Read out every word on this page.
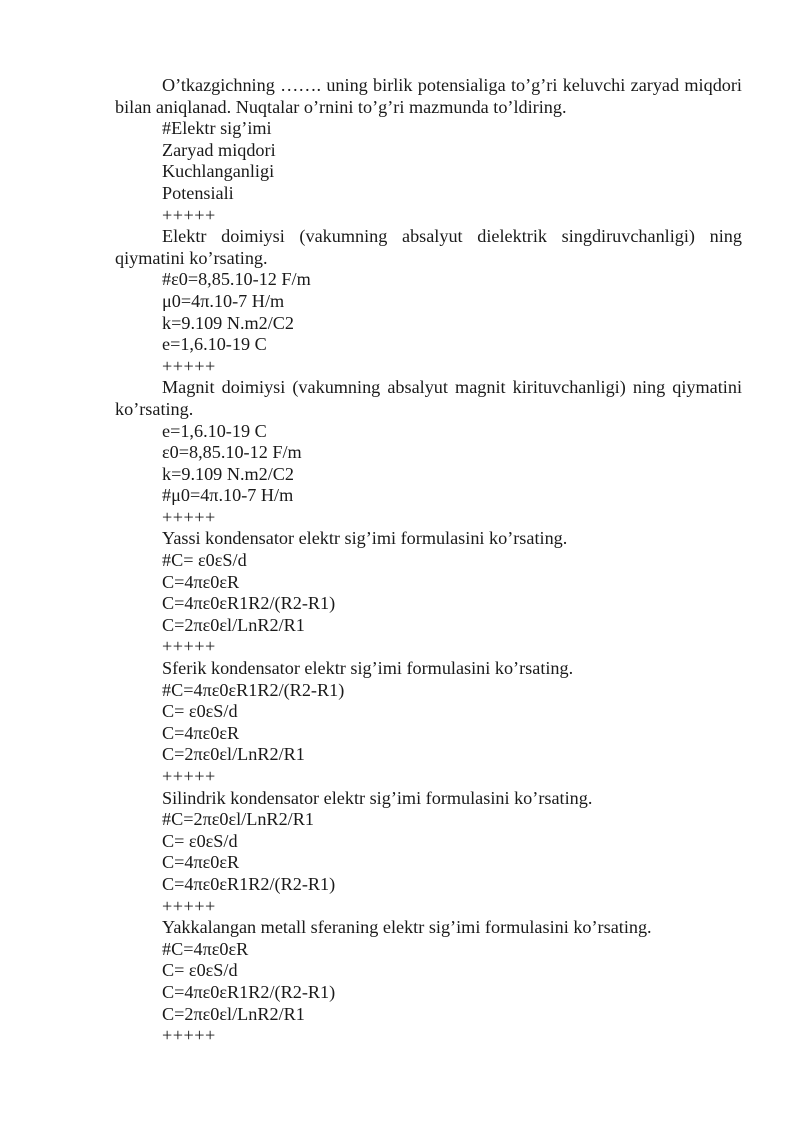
O’tkazgichning ……. uning birlik potensialiga to’g’ri keluvchi zaryad miqdori bilan aniqlanad. Nuqtalar o’rnini to’g’ri mazmunda to’ldiring.

#Elektr sig’imi

Zaryad miqdori

Kuchlanganligi

Potensiali

+++++

Elektr doimiysi (vakumning absalyut dielektrik singdiruvchanligi) ning qiymatini ko’rsating.

#ε0=8,85.10-12 F/m

μ0=4π.10-7 H/m

k=9.109 N.m2/C2

e=1,6.10-19 C

+++++

Magnit doimiysi (vakumning absalyut magnit kirituvchanligi) ning qiymatini ko’rsating.

e=1,6.10-19 C

ε0=8,85.10-12 F/m

k=9.109 N.m2/C2

#μ0=4π.10-7 H/m

+++++

Yassi kondensator elektr sig’imi formulasini ko’rsating.

#C= ε0εS/d

C=4πε0εR

C=4πε0εR1R2/(R2-R1)

C=2πε0εl/LnR2/R1

+++++

Sferik kondensator elektr sig’imi formulasini ko’rsating.

#C=4πε0εR1R2/(R2-R1)

C= ε0εS/d

C=4πε0εR

C=2πε0εl/LnR2/R1

+++++

Silindrik kondensator elektr sig’imi formulasini ko’rsating.

#C=2πε0εl/LnR2/R1

C= ε0εS/d

C=4πε0εR

C=4πε0εR1R2/(R2-R1)

+++++

Yakkalangan metall sferaning elektr sig’imi formulasini ko’rsating.

#C=4πε0εR

C= ε0εS/d

C=4πε0εR1R2/(R2-R1)

C=2πε0εl/LnR2/R1

+++++
